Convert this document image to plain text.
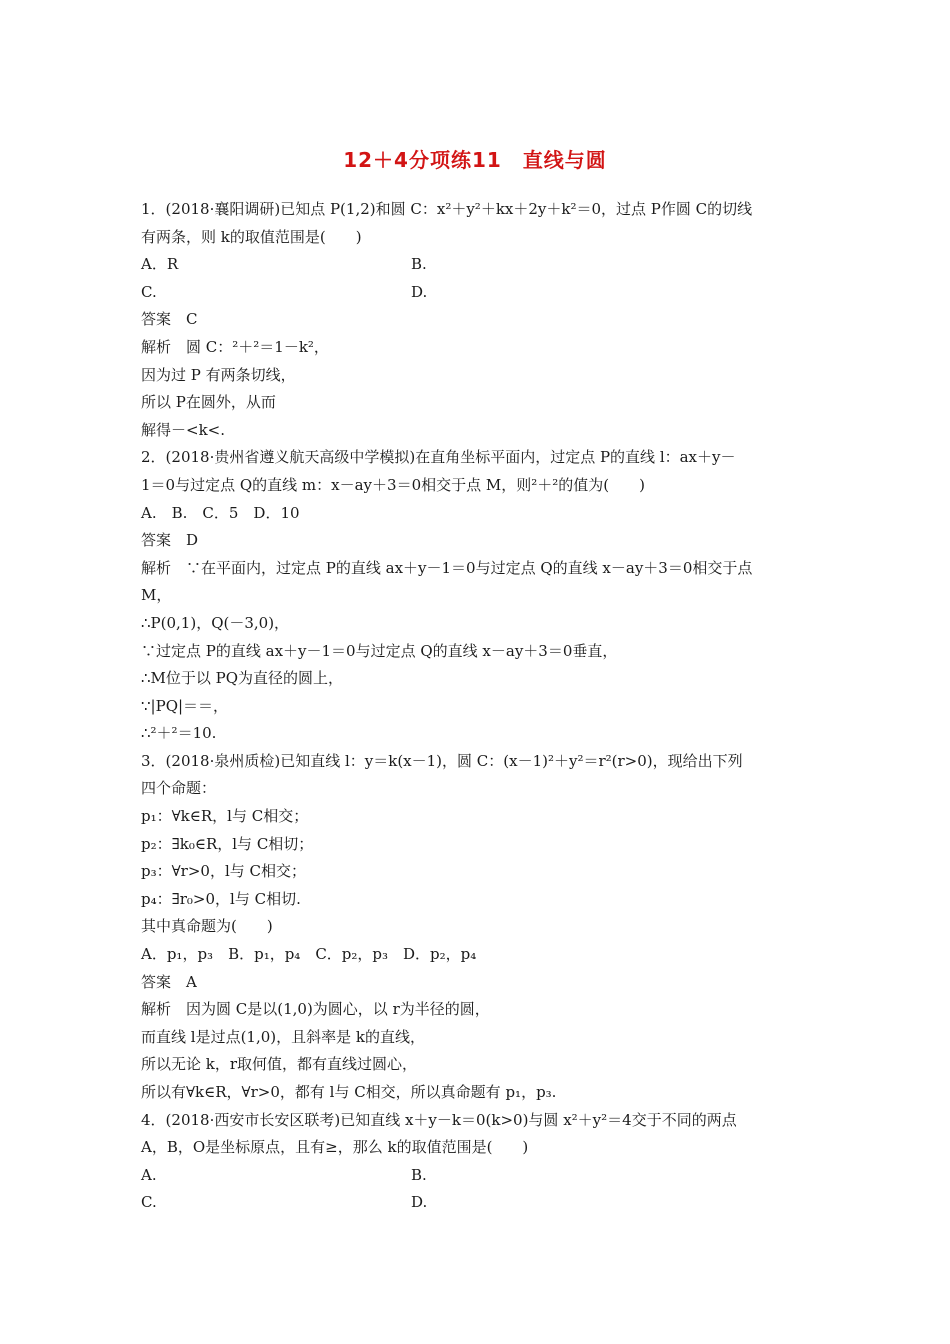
12＋4分项练11　直线与圆
1．(2018·襄阳调研)已知点 P(1,2)和圆 C：x²＋y²＋kx＋2y＋k²＝0，过点 P作圆 C的切线
有两条，则 k的取值范围是(　　)
A．R	B.
C.	D.
答案　C
解析　圆 C：²＋²＝1－k²，
因为过 P 有两条切线，
所以 P在圆外，从而
解得－<k<.
2．(2018·贵州省遵义航天高级中学模拟)在直角坐标平面内，过定点 P的直线 l：ax＋y－
1＝0与过定点 Q的直线 m：x－ay＋3＝0相交于点 M，则²＋²的值为(　　)
A.　B.　C．5　D．10
答案　D
解析　∵在平面内，过定点 P的直线 ax＋y－1＝0与过定点 Q的直线 x－ay＋3＝0相交于点
M，
∴P(0,1)，Q(－3,0)，
∵过定点 P的直线 ax＋y－1＝0与过定点 Q的直线 x－ay＋3＝0垂直，
∴M位于以 PQ为直径的圆上，
∵|PQ|＝＝，
∴²＋²＝10.
3．(2018·泉州质检)已知直线 l：y＝k(x－1)，圆 C：(x－1)²＋y²＝r²(r>0)，现给出下列
四个命题：
p₁：∀k∈R，l与 C相交；
p₂：∃k₀∈R，l与 C相切；
p₃：∀r>0，l与 C相交；
p₄：∃r₀>0，l与 C相切.
其中真命题为(　　)
A．p₁，p₃　B．p₁，p₄　C．p₂，p₃　D．p₂，p₄
答案　A
解析　因为圆 C是以(1,0)为圆心，以 r为半径的圆，
而直线 l是过点(1,0)，且斜率是 k的直线，
所以无论 k，r取何值，都有直线过圆心，
所以有∀k∈R，∀r>0，都有 l与 C相交，所以真命题有 p₁，p₃.
4．(2018·西安市长安区联考)已知直线 x＋y－k＝0(k>0)与圆 x²＋y²＝4交于不同的两点
A，B，O是坐标原点，且有≥，那么 k的取值范围是(　　)
A.	B.
C.	D.
